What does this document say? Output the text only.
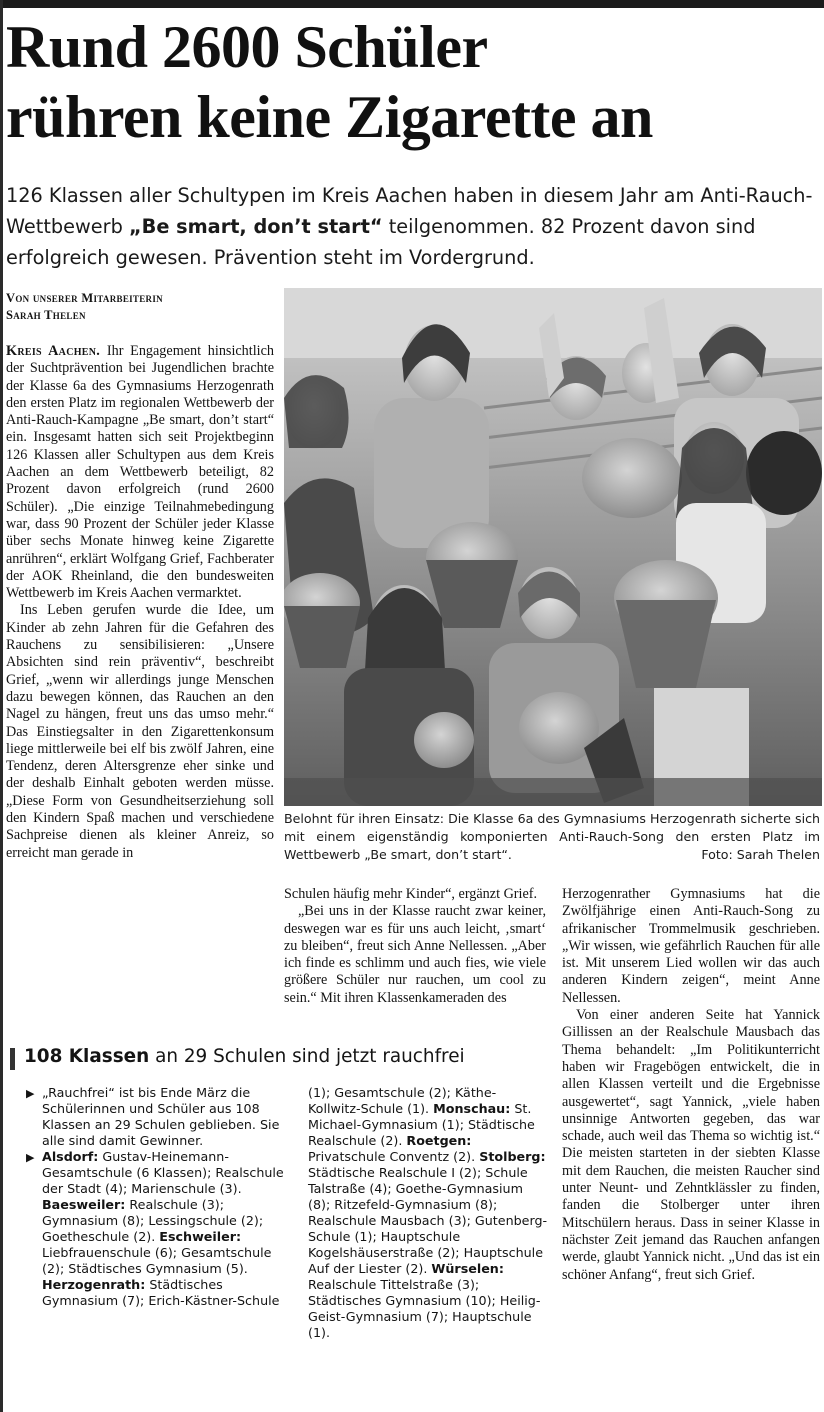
Rund 2600 Schüler
rühren keine Zigarette an
126 Klassen aller Schultypen im Kreis Aachen haben in diesem Jahr am Anti-Rauch-Wettbewerb „Be smart, don’t start“ teilgenommen. 82 Prozent davon sind erfolgreich gewesen. Prävention steht im Vordergrund.
Von unserer Mitarbeiterin
Sarah Thelen

Kreis Aachen. Ihr Engagement hinsichtlich der Suchtprävention bei Jugendlichen brachte der Klasse 6a des Gymnasiums Herzogenrath den ersten Platz im regionalen Wettbewerb der Anti-Rauch-Kampagne „Be smart, don’t start“ ein. Insgesamt hatten sich seit Projektbeginn 126 Klassen aller Schultypen aus dem Kreis Aachen an dem Wettbewerb beteiligt, 82 Prozent davon erfolgreich (rund 2600 Schüler). „Die einzige Teilnahmebedingung war, dass 90 Prozent der Schüler jeder Klasse über sechs Monate hinweg keine Zigarette anrühren“, erklärt Wolfgang Grief, Fachberater der AOK Rheinland, die den bundesweiten Wettbewerb im Kreis Aachen vermarktet.

Ins Leben gerufen wurde die Idee, um Kinder ab zehn Jahren für die Gefahren des Rauchens zu sensibilisieren: „Unsere Absichten sind rein präventiv“, beschreibt Grief, „wenn wir allerdings junge Menschen dazu bewegen können, das Rauchen an den Nagel zu hängen, freut uns das umso mehr.“ Das Einstiegsalter in den Zigarettenkonsum liege mittlerweile bei elf bis zwölf Jahren, eine Tendenz, deren Altersgrenze eher sinke und der deshalb Einhalt geboten werden müsse. „Diese Form von Gesundheitserziehung soll den Kindern Spaß machen und verschiedene Sachpreise dienen als kleiner Anreiz, so erreicht man gerade in

Belohnt für ihren Einsatz: Die Klasse 6a des Gymnasiums Herzogenrath sicherte sich mit einem eigenständig komponierten Anti-Rauch-Song den ersten Platz im Wettbewerb „Be smart, don’t start“.	Foto: Sarah Thelen

Schulen häufig mehr Kinder“, ergänzt Grief.

„Bei uns in der Klasse raucht zwar keiner, deswegen war es für uns auch leicht, ‚smart‘ zu bleiben“, freut sich Anne Nellessen. „Aber ich finde es schlimm und auch fies, wie viele größere Schüler nur rauchen, um cool zu sein.“ Mit ihren Klassenkameraden des

Herzogenrather Gymnasiums hat die Zwölfjährige einen Anti-Rauch-Song zu afrikanischer Trommelmusik geschrieben. „Wir wissen, wie gefährlich Rauchen für alle ist. Mit unserem Lied wollen wir das auch anderen Kindern zeigen“, meint Anne Nellessen.

Von einer anderen Seite hat Yannick Gillissen an der Realschule Mausbach das Thema behandelt: „Im Politikunterricht haben wir Fragebögen entwickelt, die in allen Klassen verteilt und die Ergebnisse ausgewertet“, sagt Yannick, „viele haben unsinnige Antworten gegeben, das war schade, auch weil das Thema so wichtig ist.“ Die meisten starteten in der siebten Klasse mit dem Rauchen, die meisten Raucher sind unter Neunt- und Zehntklässler zu finden, fanden die Stolberger unter ihren Mitschülern heraus. Dass in seiner Klasse in nächster Zeit jemand das Rauchen anfangen werde, glaubt Yannick nicht. „Und das ist ein schöner Anfang“, freut sich Grief.

108 Klassen an 29 Schulen sind jetzt rauchfrei
▶ „Rauchfrei“ ist bis Ende März die Schülerinnen und Schüler aus 108 Klassen an 29 Schulen geblieben. Sie alle sind damit Gewinner.
▶ Alsdorf: Gustav-Heinemann-Gesamtschule (6 Klassen); Realschule der Stadt (4); Marienschule (3). Baesweiler: Realschule (3); Gymnasium (8); Lessingschule (2); Goetheschule (2). Eschweiler: Liebfrauenschule (6); Gesamtschule (2); Städtisches Gymnasium (5). Herzogenrath: Städtisches Gymnasium (7); Erich-Kästner-Schule

(1); Gesamtschule (2); Käthe-Kollwitz-Schule (1). Monschau: St. Michael-Gymnasium (1); Städtische Realschule (2). Roetgen: Privatschule Conventz (2). Stolberg: Städtische Realschule I (2); Schule Talstraße (4); Goethe-Gymnasium (8); Ritzefeld-Gymnasium (8); Realschule Mausbach (3); Gutenberg-Schule (1); Hauptschule Kogelshäuserstraße (2); Hauptschule Auf der Liester (2). Würselen: Realschule Tittelstraße (3); Städtisches Gymnasium (10); Heilig-Geist-Gymnasium (7); Hauptschule (1).
